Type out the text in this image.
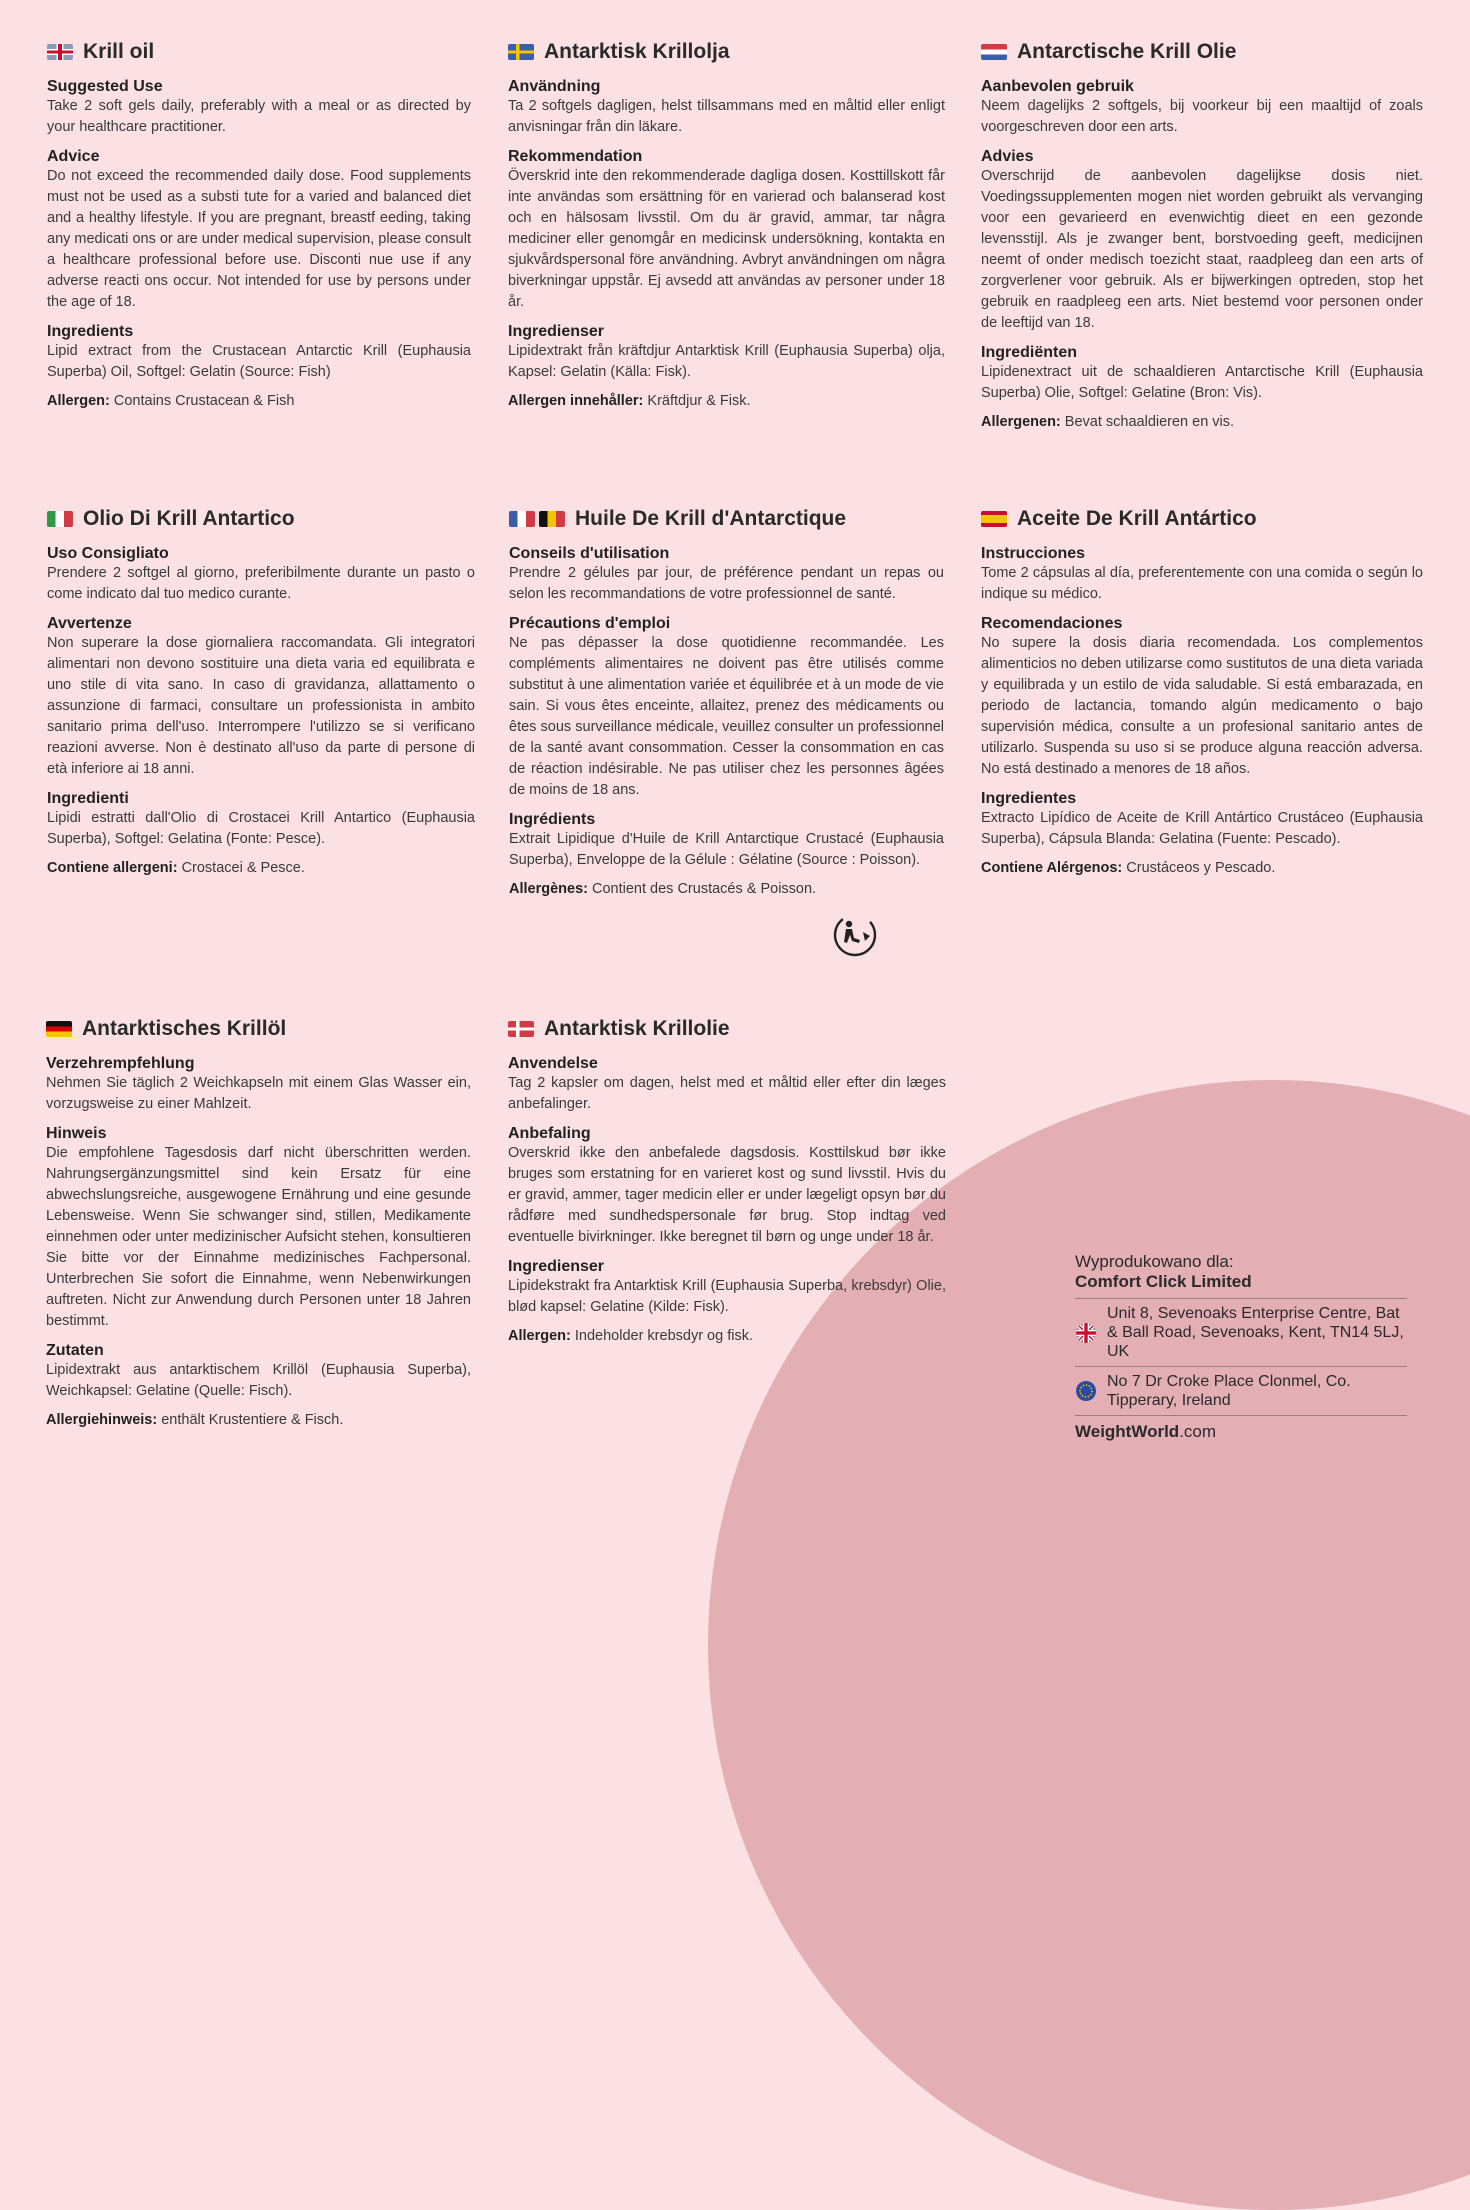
Krill oil
Suggested Use

Take 2 soft gels daily, preferably with a meal or as directed by your healthcare practitioner.

Advice

Do not exceed the recommended daily dose. Food supplements must not be used as a substi tute for a varied and balanced diet and a healthy lifestyle. If you are pregnant, breastf eeding, taking any medicati ons or are under medical supervision, please consult a healthcare professional before use. Disconti nue use if any adverse reacti ons occur. Not intended for use by persons under the age of 18.

Ingredients

Lipid extract from the Crustacean Antarctic Krill (Euphausia Superba) Oil, Softgel: Gelatin (Source: Fish)

Allergen: Contains Crustacean & Fish
Antarktisk Krillolja
Användning

Ta 2 softgels dagligen, helst tillsammans med en måltid eller enligt anvisningar från din läkare.

Rekommendation

Överskrid inte den rekommenderade dagliga dosen. Kosttillskott får inte användas som ersättning för en varierad och balanserad kost och en hälsosam livsstil. Om du är gravid, ammar, tar några mediciner eller genomgår en medicinsk undersökning, kontakta en sjukvårdspersonal före användning. Avbryt användningen om några biverkningar uppstår. Ej avsedd att användas av personer under 18 år.

Ingredienser

Lipidextrakt från kräftdjur Antarktisk Krill (Euphausia Superba) olja, Kapsel: Gelatin (Källa: Fisk).

Allergen innehåller: Kräftdjur & Fisk.
Antarctische Krill Olie
Aanbevolen gebruik

Neem dagelijks 2 softgels, bij voorkeur bij een maaltijd of zoals voorgeschreven door een arts.

Advies

Overschrijd de aanbevolen dagelijkse dosis niet. Voedingssupplementen mogen niet worden gebruikt als vervanging voor een gevarieerd en evenwichtig dieet en een gezonde levensstijl. Als je zwanger bent, borstvoeding geeft, medicijnen neemt of onder medisch toezicht staat, raadpleeg dan een arts of zorgverlener voor gebruik. Als er bijwerkingen optreden, stop het gebruik en raadpleeg een arts. Niet bestemd voor personen onder de leeftijd van 18.

Ingrediënten

Lipidenextract uit de schaaldieren Antarctische Krill (Euphausia Superba) Olie, Softgel: Gelatine (Bron: Vis).

Allergenen: Bevat schaaldieren en vis.
Olio Di Krill Antartico
Uso Consigliato

Prendere 2 softgel al giorno, preferibilmente durante un pasto o come indicato dal tuo medico curante.

Avvertenze

Non superare la dose giornaliera raccomandata. Gli integratori alimentari non devono sostituire una dieta varia ed equilibrata e uno stile di vita sano. In caso di gravidanza, allattamento o assunzione di farmaci, consultare un professionista in ambito sanitario prima dell'uso. Interrompere l'utilizzo se si verificano reazioni avverse. Non è destinato all'uso da parte di persone di età inferiore ai 18 anni.

Ingredienti

Lipidi estratti dall'Olio di Crostacei Krill Antartico (Euphausia Superba), Softgel: Gelatina (Fonte: Pesce).

Contiene allergeni: Crostacei & Pesce.
Huile De Krill d'Antarctique
Conseils d'utilisation

Prendre 2 gélules par jour, de préférence pendant un repas ou selon les recommandations de votre professionnel de santé.

Précautions d'emploi

Ne pas dépasser la dose quotidienne recommandée. Les compléments alimentaires ne doivent pas être utilisés comme substitut à une alimentation variée et équilibrée et à un mode de vie sain. Si vous êtes enceinte, allaitez, prenez des médicaments ou êtes sous surveillance médicale, veuillez consulter un professionnel de la santé avant consommation. Cesser la consommation en cas de réaction indésirable. Ne pas utiliser chez les personnes âgées de moins de 18 ans.

Ingrédients

Extrait Lipidique d'Huile de Krill Antarctique Crustacé (Euphausia Superba), Enveloppe de la Gélule : Gélatine (Source : Poisson).

Allergènes: Contient des Crustacés & Poisson.
Aceite De Krill Antártico
Instrucciones

Tome 2 cápsulas al día, preferentemente con una comida o según lo indique su médico.

Recomendaciones

No supere la dosis diaria recomendada. Los complementos alimenticios no deben utilizarse como sustitutos de una dieta variada y equilibrada y un estilo de vida saludable. Si está embarazada, en periodo de lactancia, tomando algún medicamento o bajo supervisión médica, consulte a un profesional sanitario antes de utilizarlo. Suspenda su uso si se produce alguna reacción adversa. No está destinado a menores de 18 años.

Ingredientes

Extracto Lipídico de Aceite de Krill Antártico Crustáceo (Euphausia Superba), Cápsula Blanda: Gelatina (Fuente: Pescado).

Contiene Alérgenos: Crustáceos y Pescado.
Antarktisches Krillöl
Verzehrempfehlung

Nehmen Sie täglich 2 Weichkapseln mit einem Glas Wasser ein, vorzugsweise zu einer Mahlzeit.

Hinweis

Die empfohlene Tagesdosis darf nicht überschritten werden. Nahrungsergänzungsmittel sind kein Ersatz für eine abwechslungsreiche, ausgewogene Ernährung und eine gesunde Lebensweise. Wenn Sie schwanger sind, stillen, Medikamente einnehmen oder unter medizinischer Aufsicht stehen, konsultieren Sie bitte vor der Einnahme medizinisches Fachpersonal. Unterbrechen Sie sofort die Einnahme, wenn Nebenwirkungen auftreten. Nicht zur Anwendung durch Personen unter 18 Jahren bestimmt.

Zutaten

Lipidextrakt aus antarktischem Krillöl (Euphausia Superba), Weichkapsel: Gelatine (Quelle: Fisch).

Allergiehinweis: enthält Krustentiere & Fisch.
Antarktisk Krillolie
Anvendelse

Tag 2 kapsler om dagen, helst med et måltid eller efter din læges anbefalinger.

Anbefaling

Overskrid ikke den anbefalede dagsdosis. Kosttilskud bør ikke bruges som erstatning for en varieret kost og sund livsstil. Hvis du er gravid, ammer, tager medicin eller er under lægeligt opsyn bør du rådføre med sundhedspersonale før brug. Stop indtag ved eventuelle bivirkninger. Ikke beregnet til børn og unge under 18 år.

Ingredienser

Lipidekstrakt fra Antarktisk Krill (Euphausia Superba, krebsdyr) Olie, blød kapsel: Gelatine (Kilde: Fisk).

Allergen: Indeholder krebsdyr og fisk.
Wyprodukowano dla:
Comfort Click Limited
Unit 8, Sevenoaks Enterprise Centre, Bat & Ball Road, Sevenoaks, Kent, TN14 5LJ, UK
No 7 Dr Croke Place Clonmel, Co. Tipperary, Ireland
WeightWorld.com
